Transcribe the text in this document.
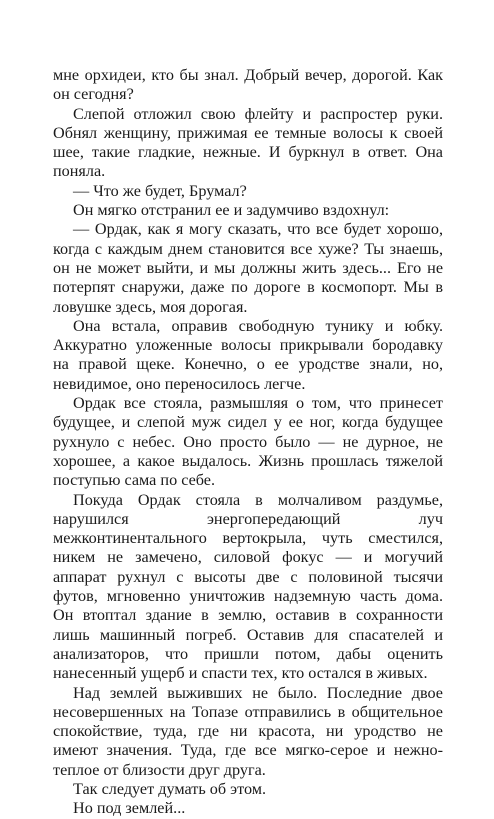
мне орхидеи, кто бы знал. Добрый вечер, дорогой. Как он сегодня?

Слепой отложил свою флейту и распростер руки. Обнял женщину, прижимая ее темные волосы к своей шее, такие гладкие, нежные. И буркнул в ответ. Она поняла.

— Что же будет, Брумал?

Он мягко отстранил ее и задумчиво вздохнул:

— Ордак, как я могу сказать, что все будет хорошо, когда с каждым днем становится все хуже? Ты знаешь, он не может выйти, и мы должны жить здесь... Его не потерпят снаружи, даже по дороге в космопорт. Мы в ловушке здесь, моя дорогая.

Она встала, оправив свободную тунику и юбку. Аккуратно уложенные волосы прикрывали бородавку на правой щеке. Конечно, о ее уродстве знали, но, невидимое, оно переносилось легче.

Ордак все стояла, размышляя о том, что принесет будущее, и слепой муж сидел у ее ног, когда будущее рухнуло с небес. Оно просто было — не дурное, не хорошее, а какое выдалось. Жизнь прошлась тяжелой поступью сама по себе.

Покуда Ордак стояла в молчаливом раздумье, нарушился энергопередающий луч межконтинентального вертокрыла, чуть сместился, никем не замечено, силовой фокус — и могучий аппарат рухнул с высоты две с половиной тысячи футов, мгновенно уничтожив надземную часть дома. Он втоптал здание в землю, оставив в сохранности лишь машинный погреб. Оставив для спасателей и анализаторов, что пришли потом, дабы оценить нанесенный ущерб и спасти тех, кто остался в живых.

Над землей выживших не было. Последние двое несовершенных на Топазе отправились в общительное спокойствие, туда, где ни красота, ни уродство не имеют значения. Туда, где все мягко-серое и нежно-теплое от близости друг друга.

Так следует думать об этом.

Но под землей...
